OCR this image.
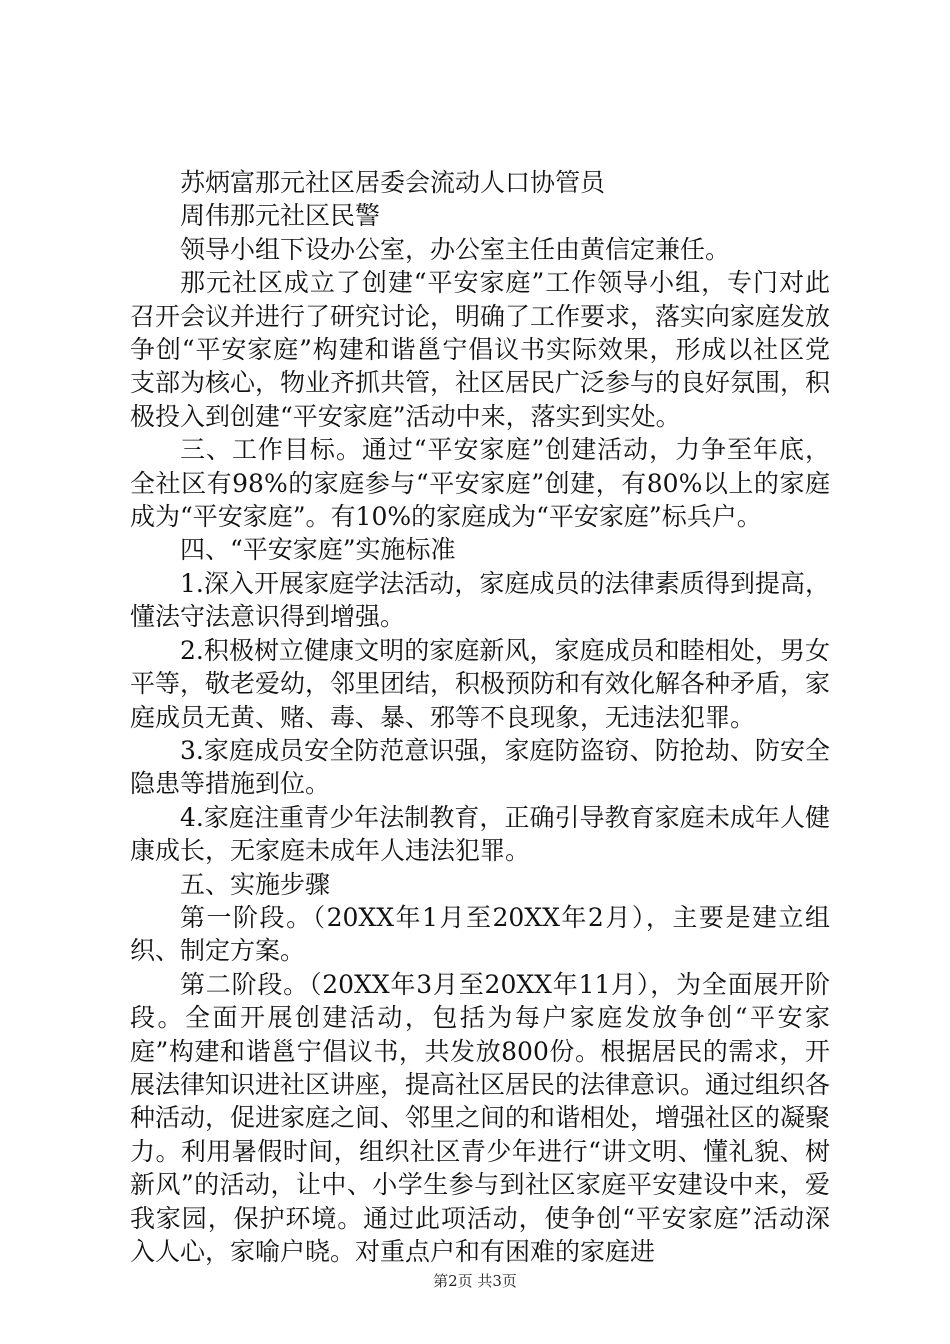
苏炳富那元社区居委会流动人口协管员

周伟那元社区民警

领导小组下设办公室，办公室主任由黄信定兼任。

那元社区成立了创建“平安家庭”工作领导小组，专门对此召开会议并进行了研究讨论，明确了工作要求，落实向家庭发放争创“平安家庭”构建和谐邕宁倡议书实际效果，形成以社区党支部为核心，物业齐抓共管，社区居民广泛参与的良好氛围，积极投入到创建“平安家庭”活动中来，落实到实处。

三、工作目标。通过“平安家庭”创建活动，力争至年底，全社区有98%的家庭参与“平安家庭”创建，有80%以上的家庭成为“平安家庭”。有10%的家庭成为“平安家庭”标兵户。

四、“平安家庭”实施标准

1.深入开展家庭学法活动，家庭成员的法律素质得到提高，懂法守法意识得到增强。

2.积极树立健康文明的家庭新风，家庭成员和睦相处，男女平等，敬老爱幼，邻里团结，积极预防和有效化解各种矛盾，家庭成员无黄、赌、毒、暴、邪等不良现象，无违法犯罪。

3.家庭成员安全防范意识强，家庭防盗窃、防抢劫、防安全隐患等措施到位。

4.家庭注重青少年法制教育，正确引导教育家庭未成年人健康成长，无家庭未成年人违法犯罪。

五、实施步骤

第一阶段。（20XX年1月至20XX年2月），主要是建立组织、制定方案。

第二阶段。（20XX年3月至20XX年11月），为全面展开阶段。全面开展创建活动，包括为每户家庭发放争创“平安家庭”构建和谐邕宁倡议书，共发放800份。根据居民的需求，开展法律知识进社区讲座，提高社区居民的法律意识。通过组织各种活动，促进家庭之间、邻里之间的和谐相处，增强社区的凝聚力。利用暑假时间，组织社区青少年进行“讲文明、懂礼貌、树新风”的活动，让中、小学生参与到社区家庭平安建设中来，爱我家园，保护环境。通过此项活动，使争创“平安家庭”活动深入人心，家喻户晓。对重点户和有困难的家庭进

第2页 共3页
